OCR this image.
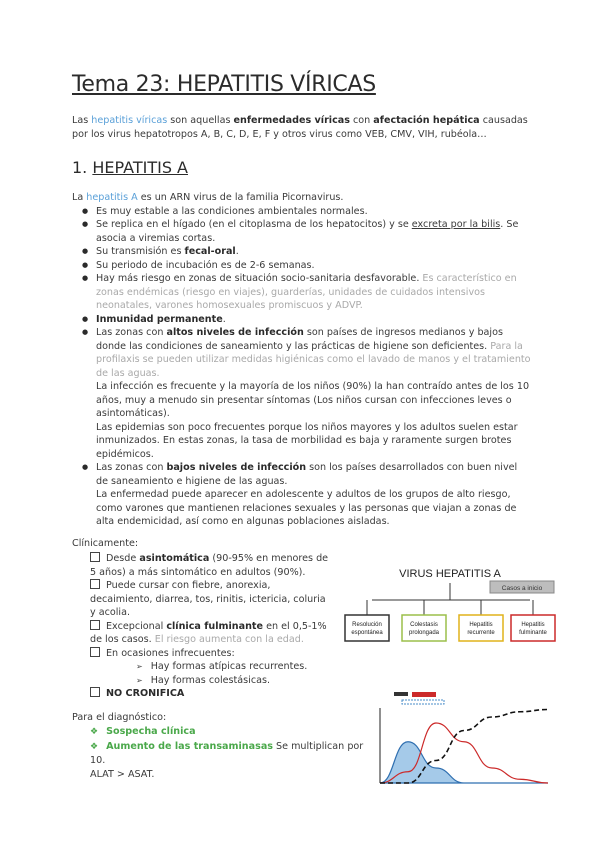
Tema 23: HEPATITIS VÍRICAS
Las hepatitis víricas son aquellas enfermedades víricas con afectación hepática causadas por los virus hepatotropos A, B, C, D, E, F y otros virus como VEB, CMV, VIH, rubéola…
1. HEPATITIS A
La hepatitis A es un ARN virus de la familia Picornavirus.
● Es muy estable a las condiciones ambientales normales.
● Se replica en el hígado (en el citoplasma de los hepatocitos) y se excreta por la bilis. Se asocia a viremias cortas.
● Su transmisión es fecal-oral.
● Su periodo de incubación es de 2-6 semanas.
● Hay más riesgo en zonas de situación socio-sanitaria desfavorable. Es característico en zonas endémicas (riesgo en viajes), guarderías, unidades de cuidados intensivos neonatales, varones homosexuales promiscuos y ADVP.
● Inmunidad permanente.
● Las zonas con altos niveles de infección son países de ingresos medianos y bajos donde las condiciones de saneamiento y las prácticas de higiene son deficientes. Para la profilaxis se pueden utilizar medidas higiénicas como el lavado de manos y el tratamiento de las aguas.
La infección es frecuente y la mayoría de los niños (90%) la han contraído antes de los 10 años, muy a menudo sin presentar síntomas (Los niños cursan con infecciones leves o asintomáticas).
Las epidemias son poco frecuentes porque los niños mayores y los adultos suelen estar inmunizados. En estas zonas, la tasa de morbilidad es baja y raramente surgen brotes epidémicos.
● Las zonas con bajos niveles de infección son los países desarrollados con buen nivel de saneamiento e higiene de las aguas.
La enfermedad puede aparecer en adolescente y adultos de los grupos de alto riesgo, como varones que mantienen relaciones sexuales y las personas que viajan a zonas de alta endemicidad, así como en algunas poblaciones aisladas.
Clínicamente:
Desde asintomática (90-95% en menores de 5 años) a más sintomático en adultos (90%).
Puede cursar con fiebre, anorexia, decaimiento, diarrea, tos, rinitis, ictericia, coluria y acolia.
Excepcional clínica fulminante en el 0,5-1% de los casos. El riesgo aumenta con la edad.
En ocasiones infrecuentes:
➢ Hay formas atípicas recurrentes.
➢ Hay formas colestásicas.
NO CRONIFICA
Para el diagnóstico:
❖ Sospecha clínica
❖ Aumento de las transaminasas Se multiplican por 10.
ALAT > ASAT.
VIRUS HEPATITIS A
Casos a inicio
Resolución
espontánea
Colestasis
prolongada
Hepatitis
recurrente
Hepatitis
fulminante
